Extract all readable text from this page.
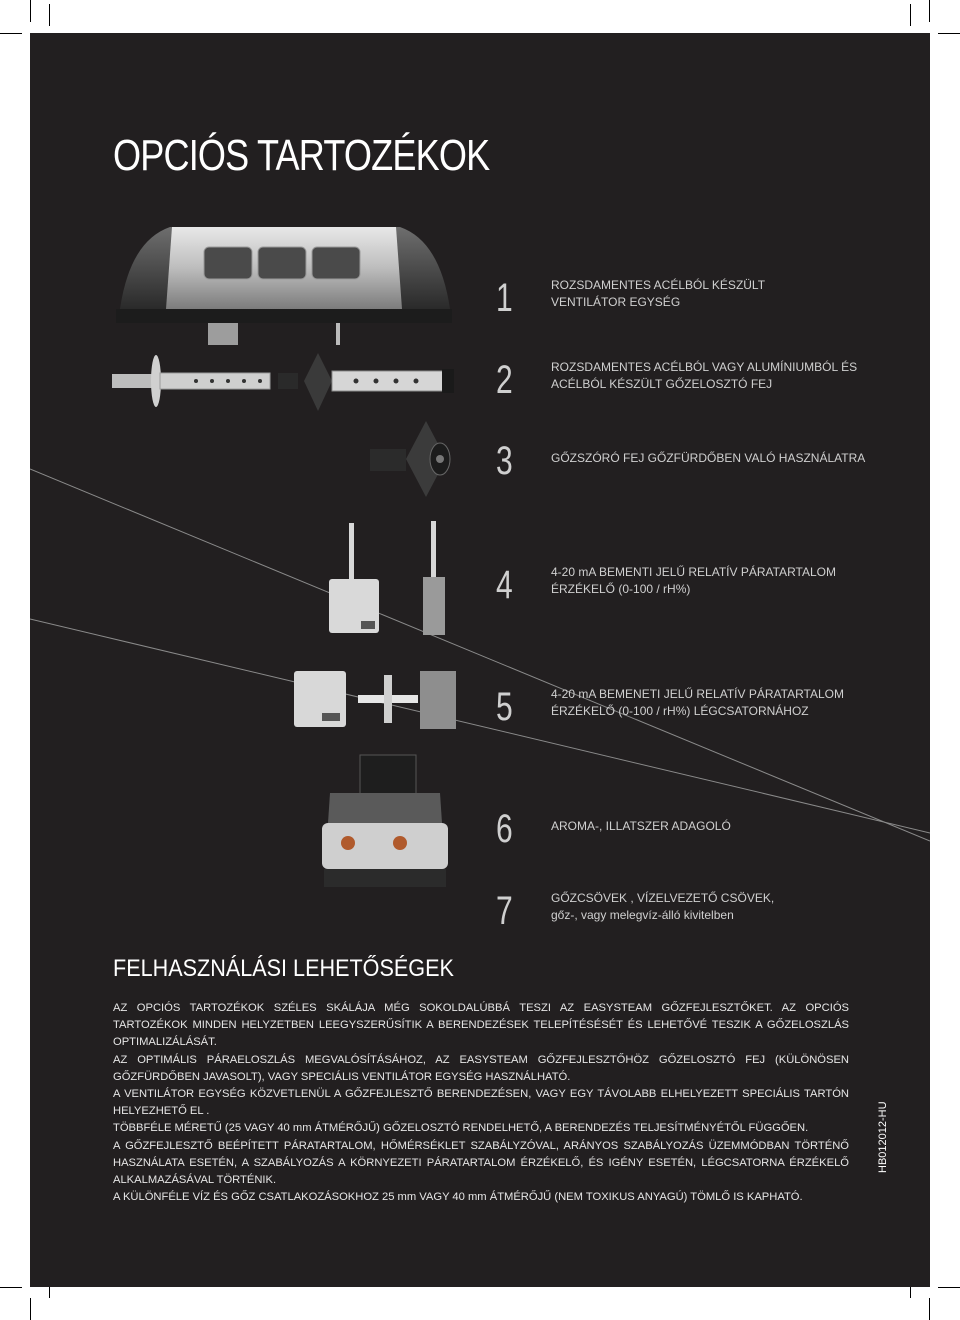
OPCIÓS TARTOZÉKOK
1	ROZSDAMENTES ACÉLBÓL KÉSZÜLT
VENTILÁTOR EGYSÉG
2	ROZSDAMENTES ACÉLBÓL VAGY ALUMÍNIUMBÓL ÉS
ACÉLBÓL KÉSZÜLT GŐZELOSZTÓ FEJ
3	GŐZSZÓRÓ FEJ GŐZFÜRDŐBEN VALÓ HASZNÁLATRA
4	4-20 mA BEMENTI JELŰ RELATÍV PÁRATARTALOM
ÉRZÉKELŐ (0-100 / rH%)
5	4-20 mA BEMENETI JELŰ RELATÍV PÁRATARTALOM
ÉRZÉKELŐ (0-100 / rH%) LÉGCSATORNÁHOZ
6	AROMA-, ILLATSZER ADAGOLÓ
7	GŐZCSÖVEK , VÍZELVEZETŐ CSÖVEK,
gőz-, vagy melegvíz-álló kivitelben
FELHASZNÁLÁSI LEHETŐSÉGEK

AZ OPCIÓS TARTOZÉKOK SZÉLES SKÁLÁJA MÉG SOKOLDALÚBBÁ TESZI AZ EASYSTEAM GŐZFEJLESZTŐKET. AZ OPCIÓS TARTOZÉKOK MINDEN HELYZETBEN LEEGYSZERŰSÍTIK A BERENDEZÉSEK TELEPÍTÉSÉSÉT ÉS LEHETŐVÉ TESZIK A GŐZELOSZLÁS OPTIMALIZÁLÁSÁT.

AZ OPTIMÁLIS PÁRAELOSZLÁS MEGVALÓSÍTÁSÁHOZ, AZ EASYSTEAM GŐZFEJLESZTŐHÖZ GŐZELOSZTÓ FEJ (KÜLÖNÖSEN GŐZFÜRDŐBEN JAVASOLT), VAGY SPECIÁLIS VENTILÁTOR EGYSÉG HASZNÁLHATÓ.

A VENTILÁTOR EGYSÉG KÖZVETLENÜL A GŐZFEJLESZTŐ BERENDEZÉSEN, VAGY EGY TÁVOLABB ELHELYEZETT SPECIÁLIS TARTÓN HELYEZHETŐ EL .

TÖBBFÉLE MÉRETŰ (25 VAGY 40 mm ÁTMÉRŐJŰ) GŐZELOSZTÓ RENDELHETŐ, A BERENDEZÉS TELJESÍTMÉNYÉTŐL FÜGGŐEN.

A GŐZFEJLESZTŐ BEÉPÍTETT PÁRATARTALOM, HŐMÉRSÉKLET SZABÁLYZÓVAL, ARÁNYOS SZABÁLYOZÁS ÜZEMMÓDBAN TÖRTÉNŐ HASZNÁLATA ESETÉN, A SZABÁLYOZÁS A KÖRNYEZETI PÁRATARTALOM ÉRZÉKELŐ, ÉS IGÉNY ESETÉN, LÉGCSATORNA ÉRZÉKELŐ ALKALMAZÁSÁVAL TÖRTÉNIK.

A KÜLÖNFÉLE VÍZ ÉS GŐZ CSATLAKOZÁSOKHOZ 25 mm VAGY 40 mm ÁTMÉRŐJŰ (NEM TOXIKUS ANYAGÚ) TÖMLŐ IS KAPHATÓ.

HB012012-HU
